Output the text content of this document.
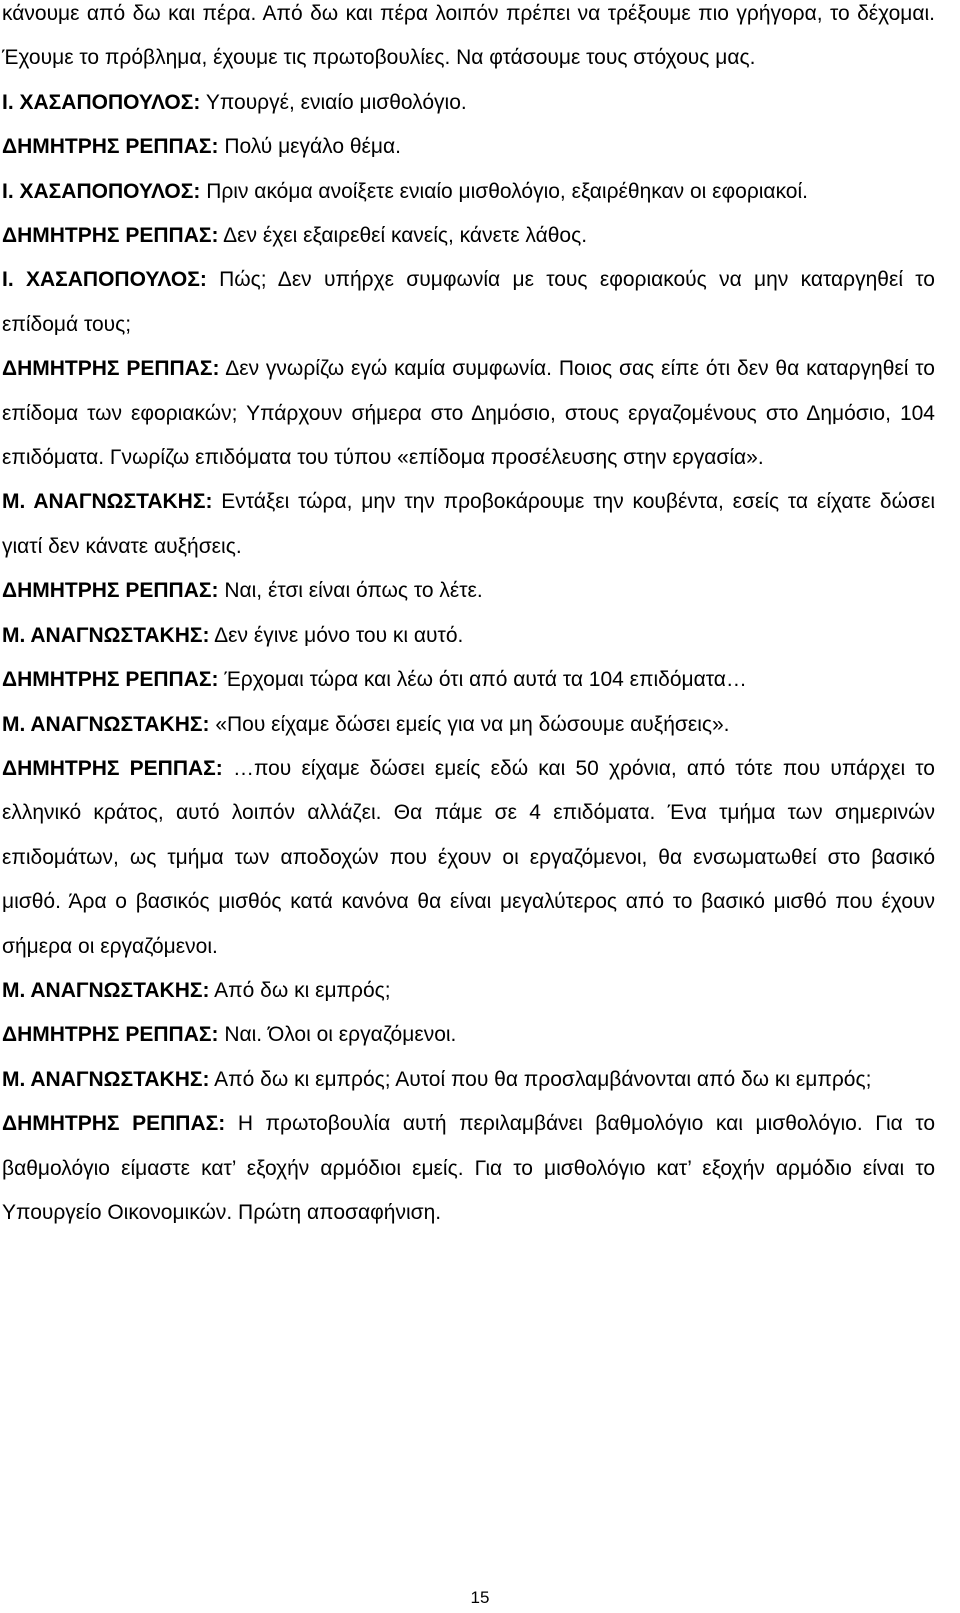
κάνουμε από δω και πέρα. Από δω και πέρα λοιπόν πρέπει να τρέξουμε πιο γρήγορα, το δέχομαι. Έχουμε το πρόβλημα, έχουμε τις πρωτοβουλίες. Να φτάσουμε τους στόχους μας.

Ι. ΧΑΣΑΠΟΠΟΥΛΟΣ: Υπουργέ, ενιαίο μισθολόγιο.

ΔΗΜΗΤΡΗΣ ΡΕΠΠΑΣ: Πολύ μεγάλο θέμα.

Ι. ΧΑΣΑΠΟΠΟΥΛΟΣ: Πριν ακόμα ανοίξετε ενιαίο μισθολόγιο, εξαιρέθηκαν οι εφοριακοί.

ΔΗΜΗΤΡΗΣ ΡΕΠΠΑΣ: Δεν έχει εξαιρεθεί κανείς, κάνετε λάθος.

Ι. ΧΑΣΑΠΟΠΟΥΛΟΣ: Πώς; Δεν υπήρχε συμφωνία με τους εφοριακούς να μην καταργηθεί το επίδομά τους;

ΔΗΜΗΤΡΗΣ ΡΕΠΠΑΣ: Δεν γνωρίζω εγώ καμία συμφωνία. Ποιος σας είπε ότι δεν θα καταργηθεί το επίδομα των εφοριακών; Υπάρχουν σήμερα στο Δημόσιο, στους εργαζομένους στο Δημόσιο, 104 επιδόματα. Γνωρίζω επιδόματα του τύπου «επίδομα προσέλευσης στην εργασία».

Μ. ΑΝΑΓΝΩΣΤΑΚΗΣ: Εντάξει τώρα, μην την προβοκάρουμε την κουβέντα, εσείς τα είχατε δώσει γιατί δεν κάνατε αυξήσεις.

ΔΗΜΗΤΡΗΣ ΡΕΠΠΑΣ: Ναι, έτσι είναι όπως το λέτε.

Μ. ΑΝΑΓΝΩΣΤΑΚΗΣ: Δεν έγινε μόνο του κι αυτό.

ΔΗΜΗΤΡΗΣ ΡΕΠΠΑΣ: Έρχομαι τώρα και λέω ότι από αυτά τα 104 επιδόματα…

Μ. ΑΝΑΓΝΩΣΤΑΚΗΣ: «Που είχαμε δώσει εμείς για να μη δώσουμε αυξήσεις».

ΔΗΜΗΤΡΗΣ ΡΕΠΠΑΣ: …που είχαμε δώσει εμείς εδώ και 50 χρόνια, από τότε που υπάρχει το ελληνικό κράτος, αυτό λοιπόν αλλάζει. Θα πάμε σε 4 επιδόματα. Ένα τμήμα των σημερινών επιδομάτων, ως τμήμα των αποδοχών που έχουν οι εργαζόμενοι, θα ενσωματωθεί στο βασικό μισθό. Άρα ο βασικός μισθός κατά κανόνα θα είναι μεγαλύτερος από το βασικό μισθό που έχουν σήμερα οι εργαζόμενοι.

Μ. ΑΝΑΓΝΩΣΤΑΚΗΣ: Από δω κι εμπρός;

ΔΗΜΗΤΡΗΣ ΡΕΠΠΑΣ: Ναι. Όλοι οι εργαζόμενοι.

Μ. ΑΝΑΓΝΩΣΤΑΚΗΣ: Από δω κι εμπρός; Αυτοί που θα προσλαμβάνονται από δω κι εμπρός;

ΔΗΜΗΤΡΗΣ ΡΕΠΠΑΣ: Η πρωτοβουλία αυτή περιλαμβάνει βαθμολόγιο και μισθολόγιο. Για το βαθμολόγιο είμαστε κατ’ εξοχήν αρμόδιοι εμείς. Για το μισθολόγιο κατ’ εξοχήν αρμόδιο είναι το Υπουργείο Οικονομικών. Πρώτη αποσαφήνιση.

15
